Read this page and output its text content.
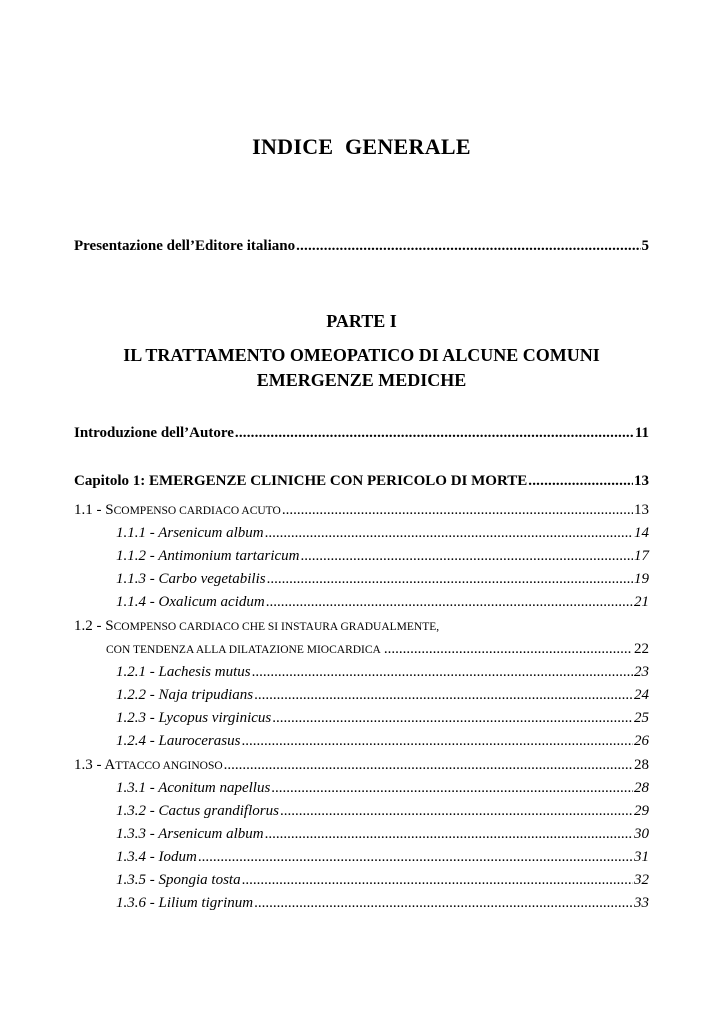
INDICE  GENERALE
Presentazione dell’Editore italiano .....	5
PARTE I
IL TRATTAMENTO OMEOPATICO DI ALCUNE COMUNI
EMERGENZE MEDICHE
Introduzione dell’Autore .....	11
Capitolo 1: EMERGENZE CLINICHE CON PERICOLO DI MORTE .....	13
1.1 - SCOMPENSO CARDIACO ACUTO .....	13
1.1.1 - Arsenicum album .....	14
1.1.2 - Antimonium tartaricum .....	17
1.1.3 - Carbo vegetabilis .....	19
1.1.4 - Oxalicum acidum .....	21
1.2 - SCOMPENSO CARDIACO CHE SI INSTAURA GRADUALMENTE,
CON TENDENZA ALLA DILATAZIONE MIOCARDICA .....	22
1.2.1 - Lachesis mutus .....	23
1.2.2 - Naja tripudians .....	24
1.2.3 - Lycopus virginicus .....	25
1.2.4 - Laurocerasus .....	26
1.3 - ATTACCO ANGINOSO .....	28
1.3.1 - Aconitum napellus .....	28
1.3.2 - Cactus grandiflorus .....	29
1.3.3 - Arsenicum album .....	30
1.3.4 - Iodum .....	31
1.3.5 - Spongia tosta .....	32
1.3.6 - Lilium tigrinum .....	33
